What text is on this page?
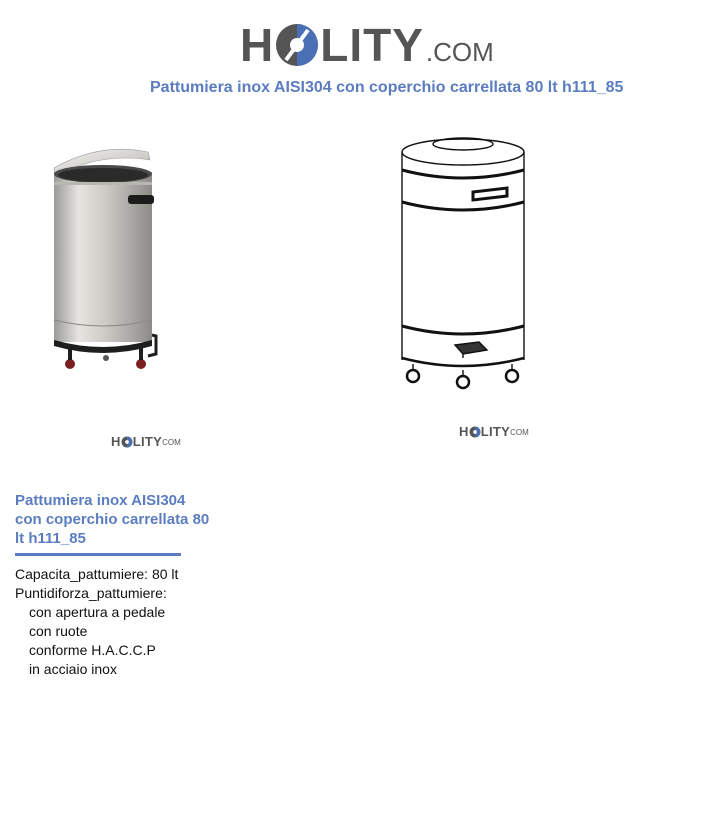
H LITY .COM
Pattumiera inox AISI304 con coperchio carrellata 80 lt h111_85
H LITY COM
H LITY COM
Pattumiera inox AISI304 con coperchio carrellata 80 lt h111_85
Capacita_pattumiere: 80 lt
Puntidiforza_pattumiere:
con apertura a pedale
con ruote
conforme H.A.C.C.P
in acciaio inox
